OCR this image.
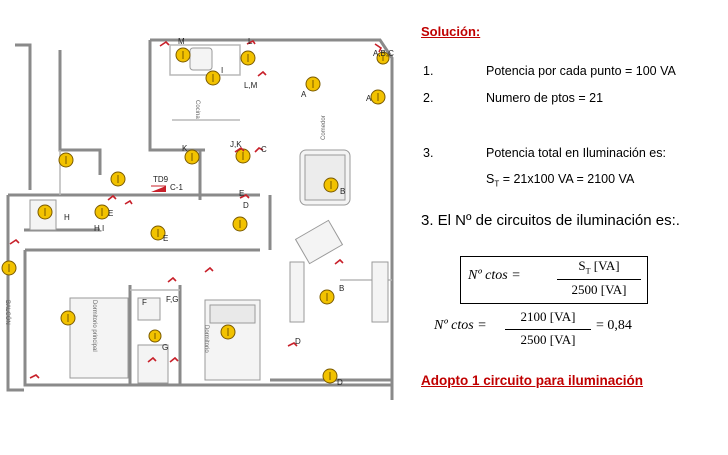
Cocina
Comedor
Dormitorio principal	Dormitorio
BALCÓN
M	L
A,B,C
I
L,M
A	A
J,K
K	C
TD9
C-1	B
E
D
H	E
H,I
E
B
F F,G
G
D
D
Solución:
1.	Potencia por cada punto = 100 VA
2.	Numero de ptos = 21
3.	Potencia total en Iluminación es:
$S_T = 21x100$ VA = 2100 VA
3. El Nº de circuitos de iluminación es:.
Nº ctos =
$S_T$ [VA]
2500 [VA]
Nº ctos =
2100 [VA]
2500 [VA]
= 0,84
Adopto 1 circuito para iluminación
